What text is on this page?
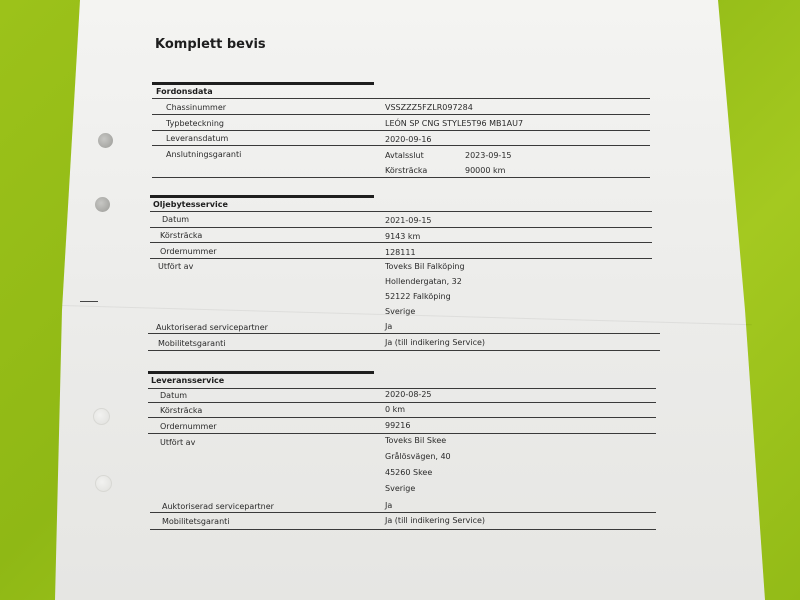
Komplett bevis
Fordonsdata
Chassinummer	VSSZZZ5FZLR097284
Typbeteckning	LEÓN SP CNG STYLE5T96 MB1AU7
Leveransdatum	2020-09-16
Anslutningsgaranti	Avtalsslut	2023-09-15
Körsträcka	90000 km
Oljebytesservice
Datum	2021-09-15
Körsträcka	9143 km
Ordernummer	128111
Utfört av	Toveks Bil Falköping
Hollendergatan, 32
52122 Falköping
Sverige
Auktoriserad servicepartner	Ja
Mobilitetsgaranti	Ja (till indikering Service)
Leveransservice
Datum	2020-08-25
Körsträcka	0 km
Ordernummer	99216
Utfört av	Toveks Bil Skee
Grålösvägen, 40
45260 Skee
Sverige
Auktoriserad servicepartner	Ja
Mobilitetsgaranti	Ja (till indikering Service)
